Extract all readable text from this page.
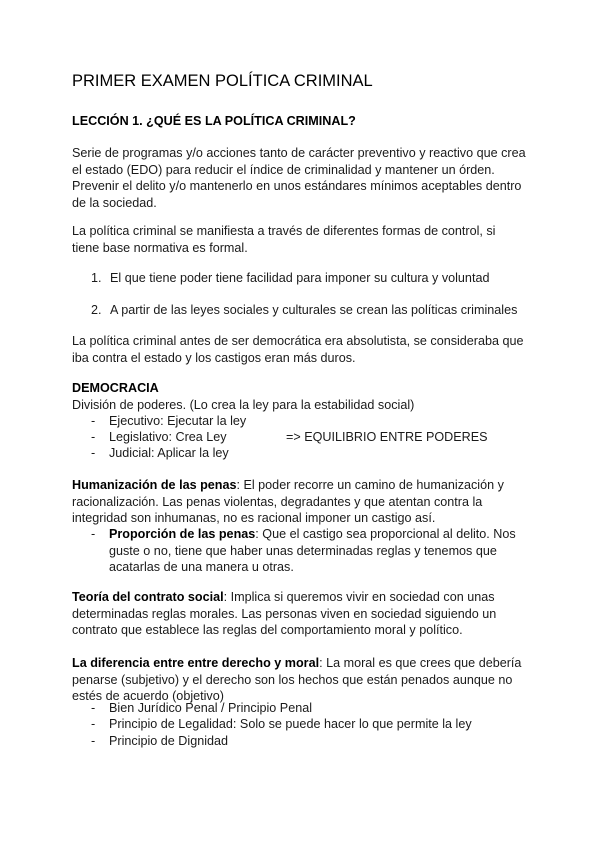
PRIMER EXAMEN POLÍTICA CRIMINAL
LECCIÓN 1. ¿QUÉ ES LA POLÍTICA CRIMINAL?

Serie de programas y/o acciones tanto de carácter preventivo y reactivo que crea el estado (EDO) para reducir el índice de criminalidad y mantener un órden. Prevenir el delito y/o mantenerlo en unos estándares mínimos aceptables dentro de la sociedad.

La política criminal se manifiesta a través de diferentes formas de control, si tiene base normativa es formal.

1. El que tiene poder tiene facilidad para imponer su cultura y voluntad
2. A partir de las leyes sociales y culturales se crean las políticas criminales

La política criminal antes de ser democrática era absolutista, se consideraba que iba contra el estado y los castigos eran más duros.

DEMOCRACIA
División de poderes. (Lo crea la ley para la estabilidad social)
- Ejecutivo: Ejecutar la ley
- Legislativo: Crea Ley	=> EQUILIBRIO ENTRE PODERES
- Judicial: Aplicar la ley

Humanización de las penas: El poder recorre un camino de humanización y racionalización. Las penas violentas, degradantes y que atentan contra la integridad son inhumanas, no es racional imponer un castigo así.

- Proporción de las penas: Que el castigo sea proporcional al delito. Nos guste o no, tiene que haber unas determinadas reglas y tenemos que acatarlas de una manera u otras.

Teoría del contrato social: Implica si queremos vivir en sociedad con unas determinadas reglas morales. Las personas viven en sociedad siguiendo un contrato que establece las reglas del comportamiento moral y político.

La diferencia entre entre derecho y moral: La moral es que crees que debería penarse (subjetivo) y el derecho son los hechos que están penados aunque no estés de acuerdo (objetivo)

- Bien Jurídico Penal / Principio Penal
- Principio de Legalidad: Solo se puede hacer lo que permite la ley
- Principio de Dignidad
